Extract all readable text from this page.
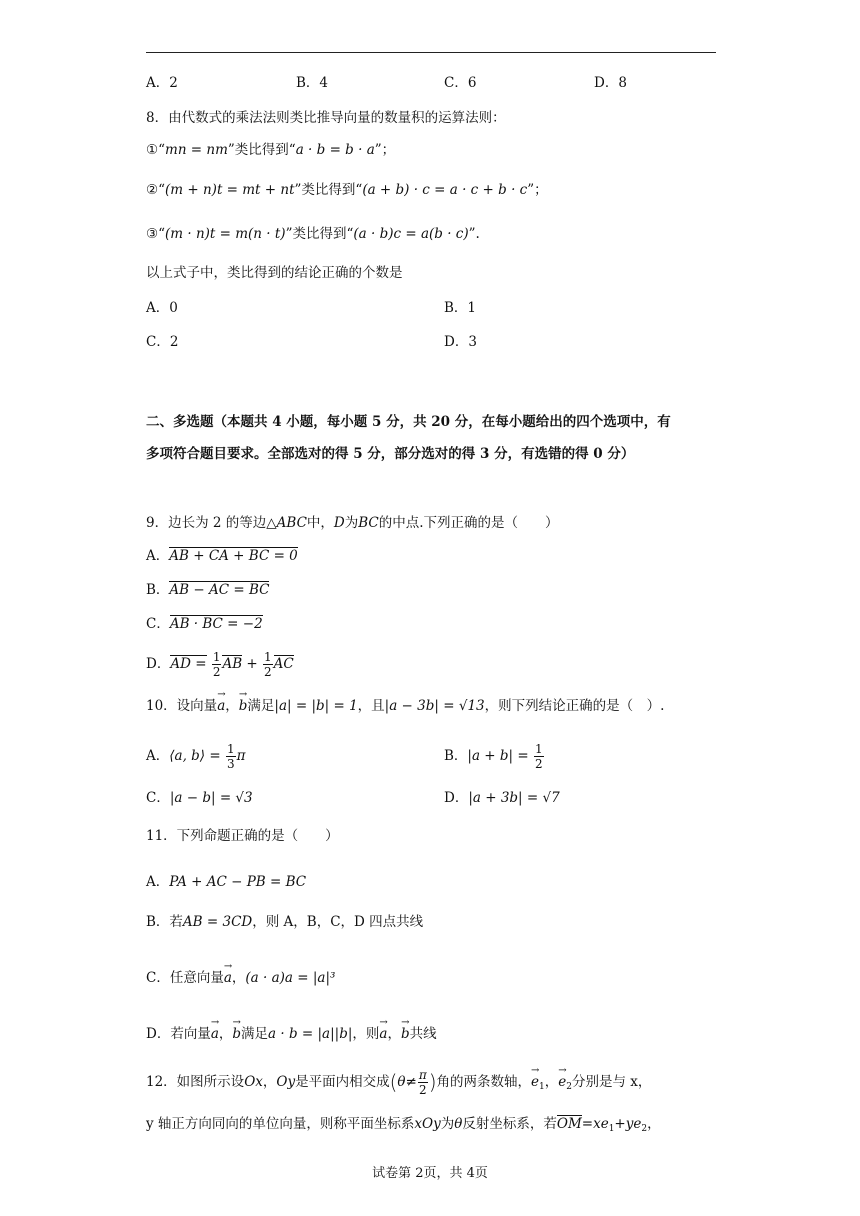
A．2	B．4	C．6	D．8
8．由代数式的乘法法则类比推导向量的数量积的运算法则：
①“mn = nm”类比得到“a · b = b · a”；
②“(m + n)t = mt + nt”类比得到“(a + b) · c = a · c + b · c”；
③“(m · n)t = m(n · t)”类比得到“(a · b)c = a(b · c)”.
以上式子中，类比得到的结论正确的个数是
A．0	B．1
C．2	D．3
二、多选题（本题共 4 小题，每小题 5 分，共 20 分，在每小题给出的四个选项中，有
多项符合题目要求。全部选对的得 5 分，部分选对的得 3 分，有选错的得 0 分）
9．边长为 2 的等边△ABC中，D为BC的中点.下列正确的是（　　）
A．AB + CA + BC = 0
B．AB − AC = BC
C．AB · BC = −2
D．AD = $\frac{1}{2}$ AB + $\frac{1}{2}$ AC
10．设向量→ a，→ b满足|a| = |b| = 1，且|a − 3b| = √13，则下列结论正确的是（　）.
A．⟨a, b⟩ = $\frac{1}{3}$ π	B．$|a + b| = \frac{1}{2}$
C．|a − b| = √3	D．|a + 3b| = √7
11．下列命题正确的是（　　）
A．PA + AC − PB = BC
B．若AB = 3CD，则 A，B，C，D 四点共线
C．任意向量→ a，(a · a)a = |a|³
D．若向量→ a，→ b满足a · b = |a||b|，则→ a，→ b共线
12．如图所示设Ox，Oy是平面内相交成($\theta\ne \frac{\pi}{2}$ )角的两条数轴，→ $e_1$，→ $e_2$分别是与 x，
y 轴正方向同向的单位向量，则称平面坐标系xOy为θ反射坐标系，若$OM=xe_1+ye_2$，
试卷第 2页，共 4页
